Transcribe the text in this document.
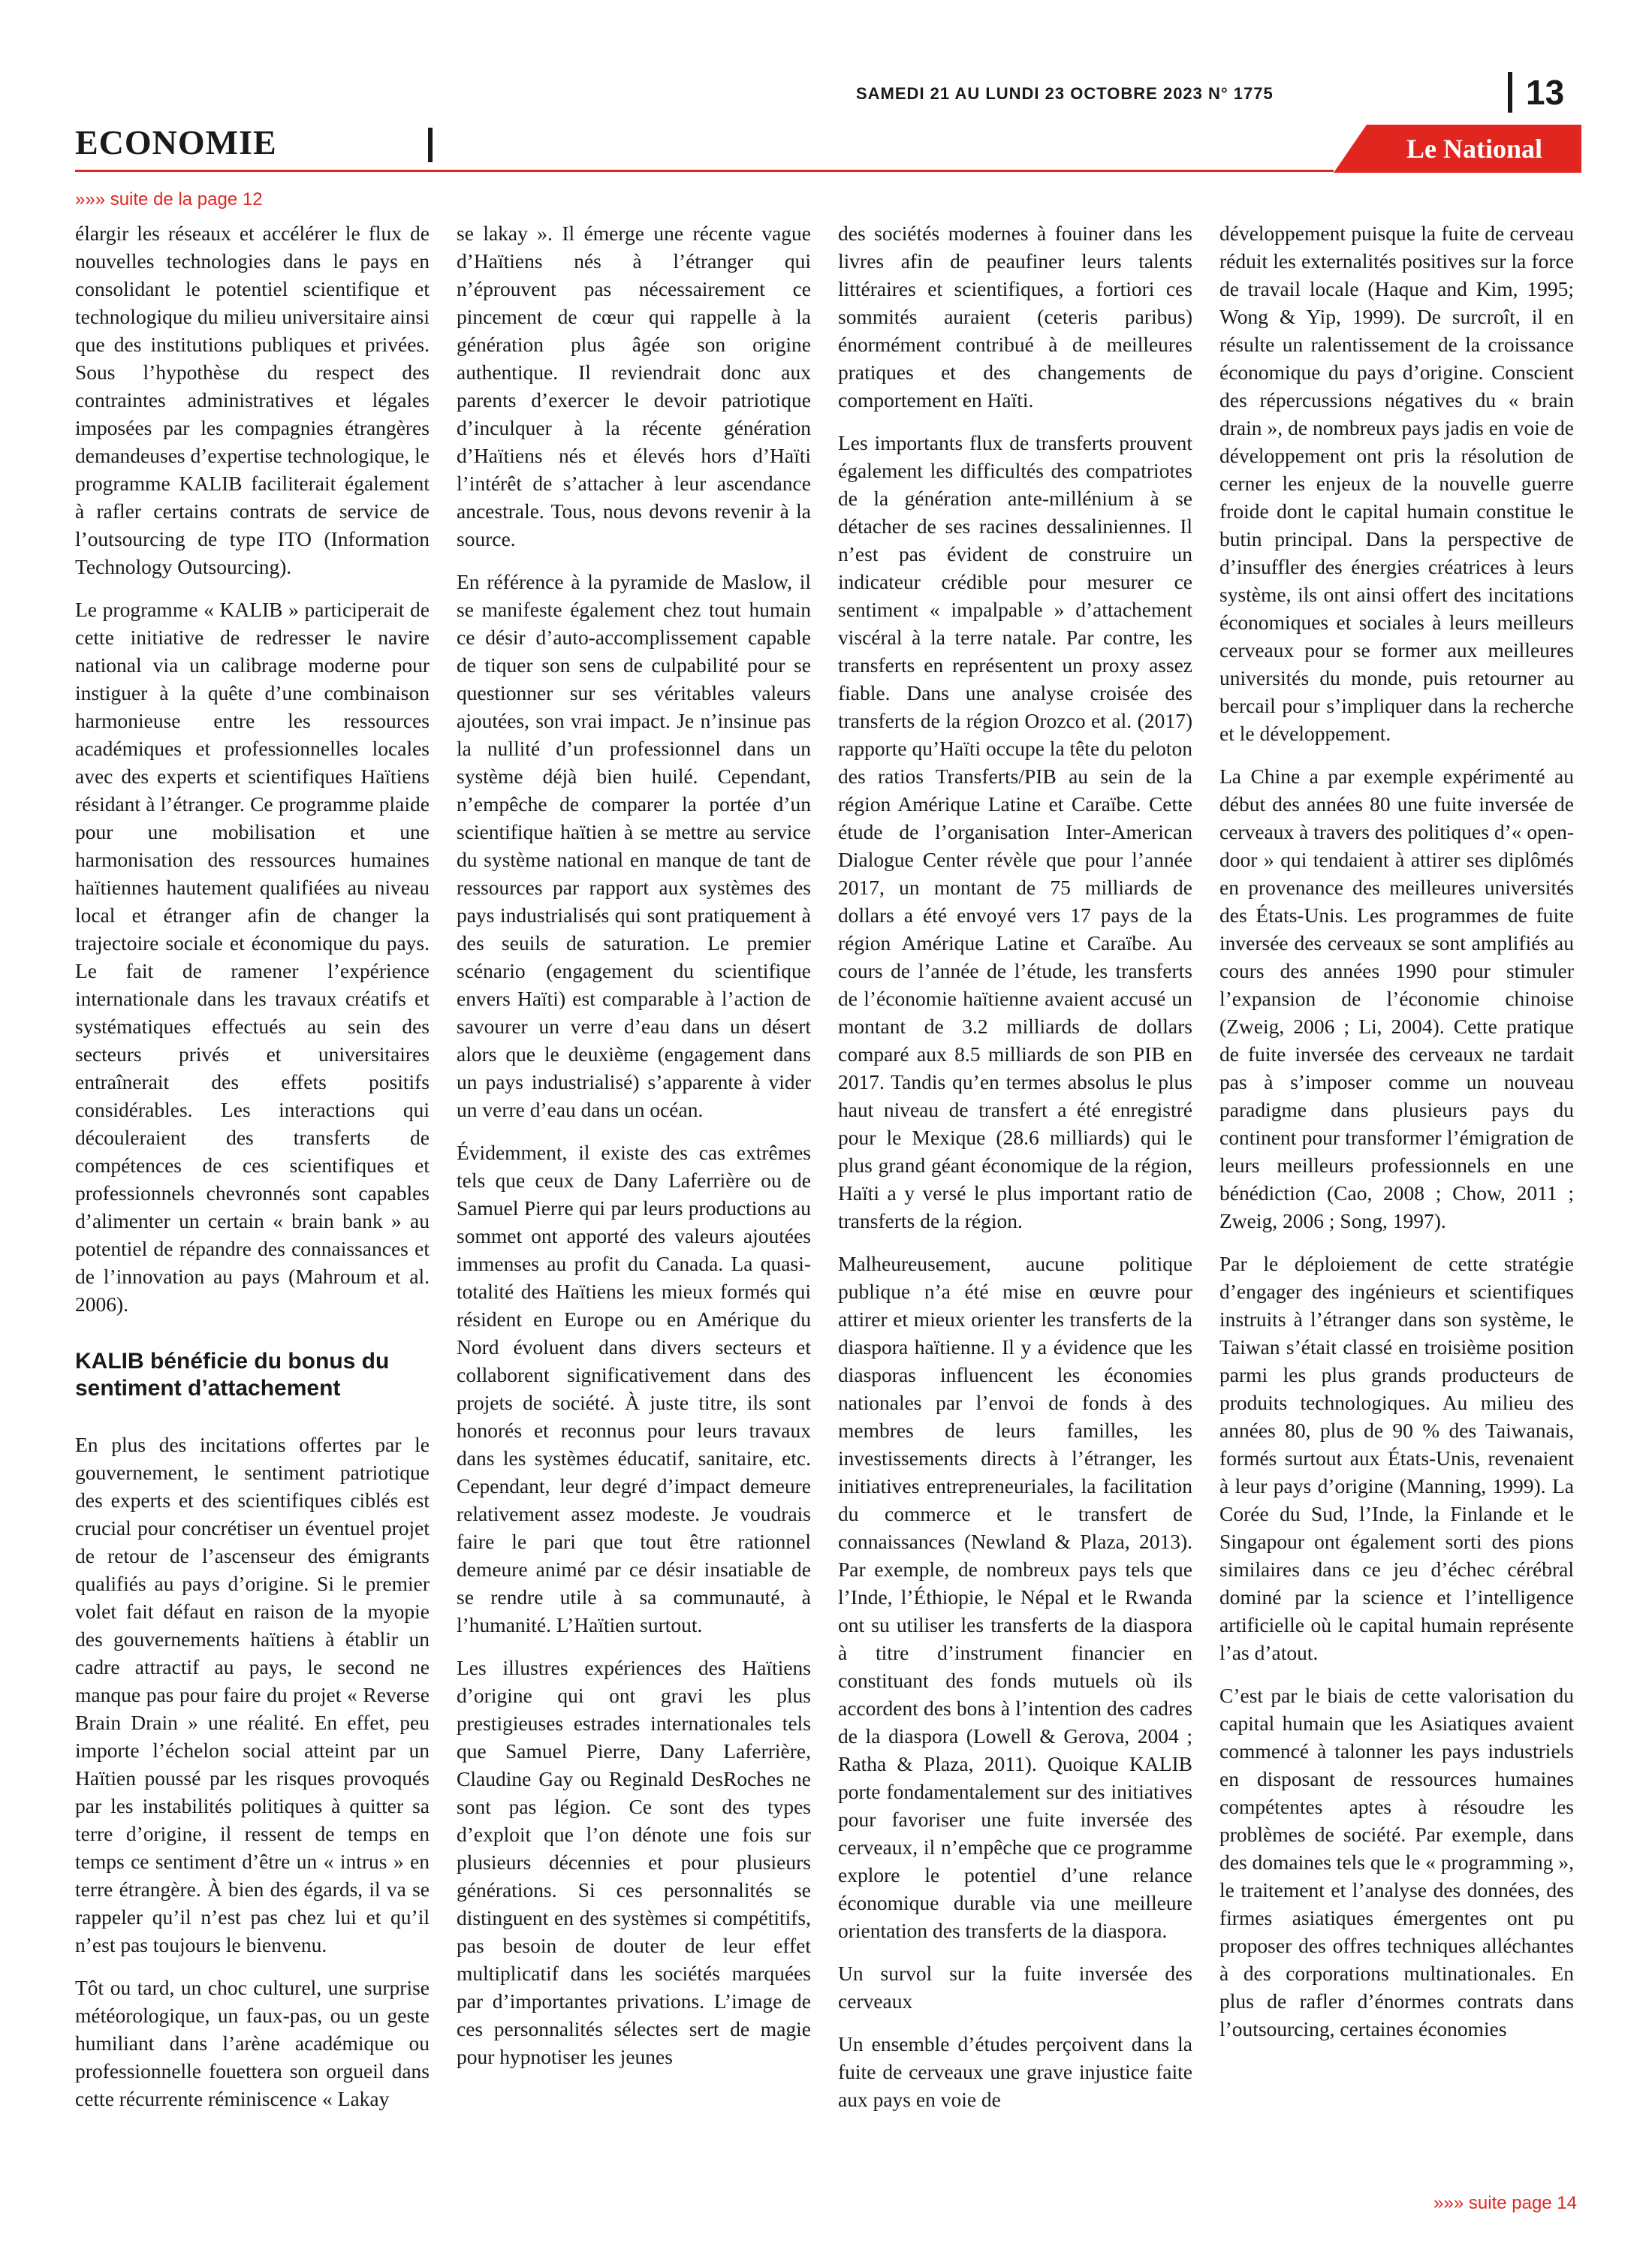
SAMEDI 21 AU LUNDI 23 OCTOBRE 2023 N° 1775	13
ECONOMIE	Le National
»»» suite de la page 12

élargir les réseaux et accélérer le flux de nouvelles technologies dans le pays en consolidant le potentiel scientifique et technologique du milieu universitaire ainsi que des institutions publiques et privées. Sous l’hypothèse du respect des contraintes administratives et légales imposées par les compagnies étrangères demandeuses d’expertise technologique, le programme KALIB faciliterait également à rafler certains contrats de service de l’outsourcing de type ITO (Information Technology Outsourcing).

Le programme « KALIB » participerait de cette initiative de redresser le navire national via un calibrage moderne pour instiguer à la quête d’une combinaison harmonieuse entre les ressources académiques et professionnelles locales avec des experts et scientifiques Haïtiens résidant à l’étranger. Ce programme plaide pour une mobilisation et une harmonisation des ressources humaines haïtiennes hautement qualifiées au niveau local et étranger afin de changer la trajectoire sociale et économique du pays. Le fait de ramener l’expérience internationale dans les travaux créatifs et systématiques effectués au sein des secteurs privés et universitaires entraînerait des effets positifs considérables. Les interactions qui découleraient des transferts de compétences de ces scientifiques et professionnels chevronnés sont capables d’alimenter un certain « brain bank » au potentiel de répandre des connaissances et de l’innovation au pays (Mahroum et al. 2006).

KALIB bénéficie du bonus du sentiment d’attachement

En plus des incitations offertes par le gouvernement, le sentiment patriotique des experts et des scientifiques ciblés est crucial pour concrétiser un éventuel projet de retour de l’ascenseur des émigrants qualifiés au pays d’origine. Si le premier volet fait défaut en raison de la myopie des gouvernements haïtiens à établir un cadre attractif au pays, le second ne manque pas pour faire du projet « Reverse Brain Drain » une réalité. En effet, peu importe l’échelon social atteint par un Haïtien poussé par les risques provoqués par les instabilités politiques à quitter sa terre d’origine, il ressent de temps en temps ce sentiment d’être un « intrus » en terre étrangère. À bien des égards, il va se rappeler qu’il n’est pas chez lui et qu’il n’est pas toujours le bienvenu.

Tôt ou tard, un choc culturel, une surprise météorologique, un faux-pas, ou un geste humiliant dans l’arène académique ou professionnelle fouettera son orgueil dans cette récurrente réminiscence « Lakay

se lakay ». Il émerge une récente vague d’Haïtiens nés à l’étranger qui n’éprouvent pas nécessairement ce pincement de cœur qui rappelle à la génération plus âgée son origine authentique. Il reviendrait donc aux parents d’exercer le devoir patriotique d’inculquer à la récente génération d’Haïtiens nés et élevés hors d’Haïti l’intérêt de s’attacher à leur ascendance ancestrale. Tous, nous devons revenir à la source.

En référence à la pyramide de Maslow, il se manifeste également chez tout humain ce désir d’auto-accomplissement capable de tiquer son sens de culpabilité pour se questionner sur ses véritables valeurs ajoutées, son vrai impact. Je n’insinue pas la nullité d’un professionnel dans un système déjà bien huilé. Cependant, n’empêche de comparer la portée d’un scientifique haïtien à se mettre au service du système national en manque de tant de ressources par rapport aux systèmes des pays industrialisés qui sont pratiquement à des seuils de saturation. Le premier scénario (engagement du scientifique envers Haïti) est comparable à l’action de savourer un verre d’eau dans un désert alors que le deuxième (engagement dans un pays industrialisé) s’apparente à vider un verre d’eau dans un océan.

Évidemment, il existe des cas extrêmes tels que ceux de Dany Laferrière ou de Samuel Pierre qui par leurs productions au sommet ont apporté des valeurs ajoutées immenses au profit du Canada. La quasi-totalité des Haïtiens les mieux formés qui résident en Europe ou en Amérique du Nord évoluent dans divers secteurs et collaborent significativement dans des projets de société. À juste titre, ils sont honorés et reconnus pour leurs travaux dans les systèmes éducatif, sanitaire, etc. Cependant, leur degré d’impact demeure relativement assez modeste. Je voudrais faire le pari que tout être rationnel demeure animé par ce désir insatiable de se rendre utile à sa communauté, à l’humanité. L’Haïtien surtout.

Les illustres expériences des Haïtiens d’origine qui ont gravi les plus prestigieuses estrades internationales tels que Samuel Pierre, Dany Laferrière, Claudine Gay ou Reginald DesRoches ne sont pas légion. Ce sont des types d’exploit que l’on dénote une fois sur plusieurs décennies et pour plusieurs générations. Si ces personnalités se distinguent en des systèmes si compétitifs, pas besoin de douter de leur effet multiplicatif dans les sociétés marquées par d’importantes privations. L’image de ces personnalités sélectes sert de magie pour hypnotiser les jeunes

des sociétés modernes à fouiner dans les livres afin de peaufiner leurs talents littéraires et scientifiques, a fortiori ces sommités auraient (ceteris paribus) énormément contribué à de meilleures pratiques et des changements de comportement en Haïti.

Les importants flux de transferts prouvent également les difficultés des compatriotes de la génération ante-millénium à se détacher de ses racines dessaliniennes. Il n’est pas évident de construire un indicateur crédible pour mesurer ce sentiment « impalpable » d’attachement viscéral à la terre natale. Par contre, les transferts en représentent un proxy assez fiable. Dans une analyse croisée des transferts de la région Orozco et al. (2017) rapporte qu’Haïti occupe la tête du peloton des ratios Transferts/PIB au sein de la région Amérique Latine et Caraïbe. Cette étude de l’organisation Inter-American Dialogue Center révèle que pour l’année 2017, un montant de 75 milliards de dollars a été envoyé vers 17 pays de la région Amérique Latine et Caraïbe. Au cours de l’année de l’étude, les transferts de l’économie haïtienne avaient accusé un montant de 3.2 milliards de dollars comparé aux 8.5 milliards de son PIB en 2017. Tandis qu’en termes absolus le plus haut niveau de transfert a été enregistré pour le Mexique (28.6 milliards) qui le plus grand géant économique de la région, Haïti a y versé le plus important ratio de transferts de la région.

Malheureusement, aucune politique publique n’a été mise en œuvre pour attirer et mieux orienter les transferts de la diaspora haïtienne. Il y a évidence que les diasporas influencent les économies nationales par l’envoi de fonds à des membres de leurs familles, les investissements directs à l’étranger, les initiatives entrepreneuriales, la facilitation du commerce et le transfert de connaissances (Newland & Plaza, 2013). Par exemple, de nombreux pays tels que l’Inde, l’Éthiopie, le Népal et le Rwanda ont su utiliser les transferts de la diaspora à titre d’instrument financier en constituant des fonds mutuels où ils accordent des bons à l’intention des cadres de la diaspora (Lowell & Gerova, 2004 ; Ratha & Plaza, 2011). Quoique KALIB porte fondamentalement sur des initiatives pour favoriser une fuite inversée des cerveaux, il n’empêche que ce programme explore le potentiel d’une relance économique durable via une meilleure orientation des transferts de la diaspora.

Un survol sur la fuite inversée des cerveaux

Un ensemble d’études perçoivent dans la fuite de cerveaux une grave injustice faite aux pays en voie de

développement puisque la fuite de cerveau réduit les externalités positives sur la force de travail locale (Haque and Kim, 1995; Wong & Yip, 1999). De surcroît, il en résulte un ralentissement de la croissance économique du pays d’origine. Conscient des répercussions négatives du « brain drain », de nombreux pays jadis en voie de développement ont pris la résolution de cerner les enjeux de la nouvelle guerre froide dont le capital humain constitue le butin principal. Dans la perspective de d’insuffler des énergies créatrices à leurs système, ils ont ainsi offert des incitations économiques et sociales à leurs meilleurs cerveaux pour se former aux meilleures universités du monde, puis retourner au bercail pour s’impliquer dans la recherche et le développement.

La Chine a par exemple expérimenté au début des années 80 une fuite inversée de cerveaux à travers des politiques d’« open-door » qui tendaient à attirer ses diplômés en provenance des meilleures universités des États-Unis. Les programmes de fuite inversée des cerveaux se sont amplifiés au cours des années 1990 pour stimuler l’expansion de l’économie chinoise (Zweig, 2006 ; Li, 2004). Cette pratique de fuite inversée des cerveaux ne tardait pas à s’imposer comme un nouveau paradigme dans plusieurs pays du continent pour transformer l’émigration de leurs meilleurs professionnels en une bénédiction (Cao, 2008 ; Chow, 2011 ; Zweig, 2006 ; Song, 1997).

Par le déploiement de cette stratégie d’engager des ingénieurs et scientifiques instruits à l’étranger dans son système, le Taiwan s’était classé en troisième position parmi les plus grands producteurs de produits technologiques. Au milieu des années 80, plus de 90 % des Taiwanais, formés surtout aux États-Unis, revenaient à leur pays d’origine (Manning, 1999). La Corée du Sud, l’Inde, la Finlande et le Singapour ont également sorti des pions similaires dans ce jeu d’échec cérébral dominé par la science et l’intelligence artificielle où le capital humain représente l’as d’atout.

C’est par le biais de cette valorisation du capital humain que les Asiatiques avaient commencé à talonner les pays industriels en disposant de ressources humaines compétentes aptes à résoudre les problèmes de société. Par exemple, dans des domaines tels que le « programming », le traitement et l’analyse des données, des firmes asiatiques émergentes ont pu proposer des offres techniques alléchantes à des corporations multinationales. En plus de rafler d’énormes contrats dans l’outsourcing, certaines économies

»»» suite page 14
